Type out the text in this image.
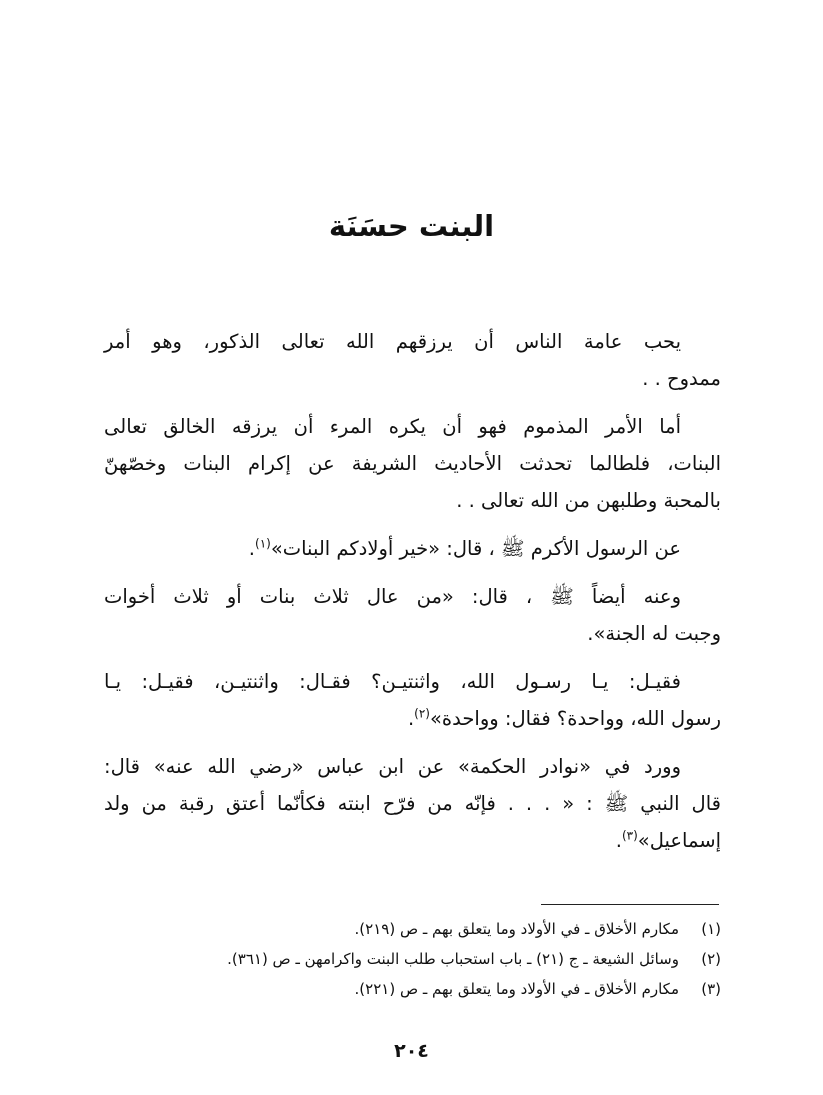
البنت حسَنَة

يحب عامة الناس أن يرزقهم الله تعالى الذكور، وهو أمر
ممدوح . .

أما الأمر المذموم فهو أن يكره المرء أن يرزقه الخالق تعالى
البنات، فلطالما تحدثت الأحاديث الشريفة عن إكرام البنات وخصّهنّ
بالمحبة وطلبهن من الله تعالى . .

عن الرسول الأكرم ﷺ ، قال: «خير أولادكم البنات»$^{(١)}$.

وعنه أيضاً ﷺ ، قال: «من عال ثلاث بنات أو ثلاث أخوات
وجبت له الجنة».

فقيـل: يـا رسـول الله، واثنتيـن؟ فقـال: واثنتيـن، فقيـل: يـا
رسول الله، وواحدة؟ فقال: وواحدة»$^{(٢)}$.

وورد في «نوادر الحكمة» عن ابن عباس «رضي الله عنه» قال:
قال النبي ﷺ : « . . . فإنّه من فرّح ابنته فكأنّما أعتق رقبة من ولد
إسماعيل»$^{(٣)}$.

(١)
مكارم الأخلاق ـ في الأولاد وما يتعلق بهم ـ ص (٢١٩).
(٢)
وسائل الشيعة ـ ج (٢١) ـ باب استحباب طلب البنت واكرامهن ـ ص (٣٦١).
(٣)
مكارم الأخلاق ـ في الأولاد وما يتعلق بهم ـ ص (٢٢١).
٢٠٤
